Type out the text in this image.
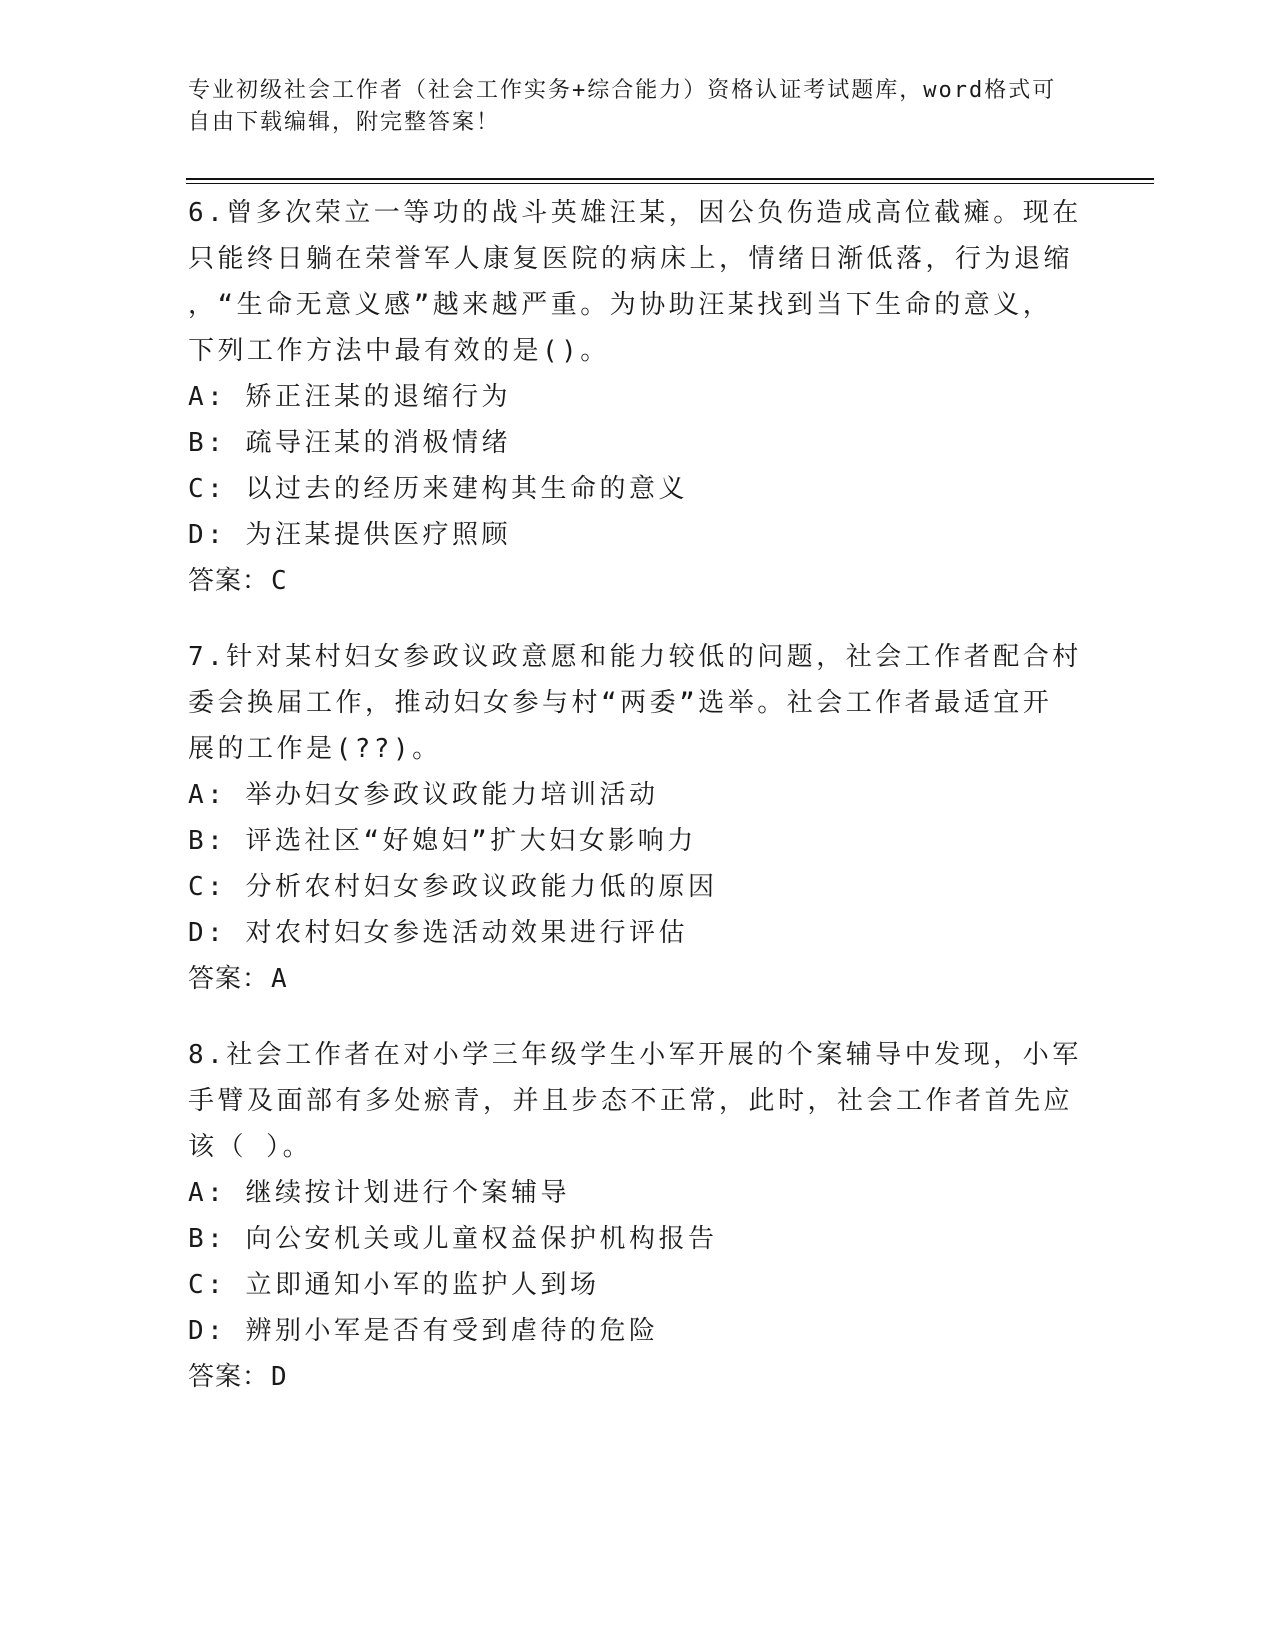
专业初级社会工作者（社会工作实务+综合能力）资格认证考试题库，word格式可
自由下载编辑，附完整答案！

6.曾多次荣立一等功的战斗英雄汪某，因公负伤造成高位截瘫。现在

只能终日躺在荣誉军人康复医院的病床上，情绪日渐低落，行为退缩

，“生命无意义感”越来越严重。为协助汪某找到当下生命的意义，

下列工作方法中最有效的是()。

A: 矫正汪某的退缩行为

B: 疏导汪某的消极情绪

C: 以过去的经历来建构其生命的意义

D: 为汪某提供医疗照顾

答案：C

7.针对某村妇女参政议政意愿和能力较低的问题，社会工作者配合村

委会换届工作，推动妇女参与村“两委”选举。社会工作者最适宜开

展的工作是(??)。

A: 举办妇女参政议政能力培训活动

B: 评选社区“好媳妇”扩大妇女影响力

C: 分析农村妇女参政议政能力低的原因

D: 对农村妇女参选活动效果进行评估

答案：A

8.社会工作者在对小学三年级学生小军开展的个案辅导中发现，小军

手臂及面部有多处瘀青，并且步态不正常，此时，社会工作者首先应

该（ ）。

A: 继续按计划进行个案辅导

B: 向公安机关或儿童权益保护机构报告

C: 立即通知小军的监护人到场

D: 辨别小军是否有受到虐待的危险

答案：D
